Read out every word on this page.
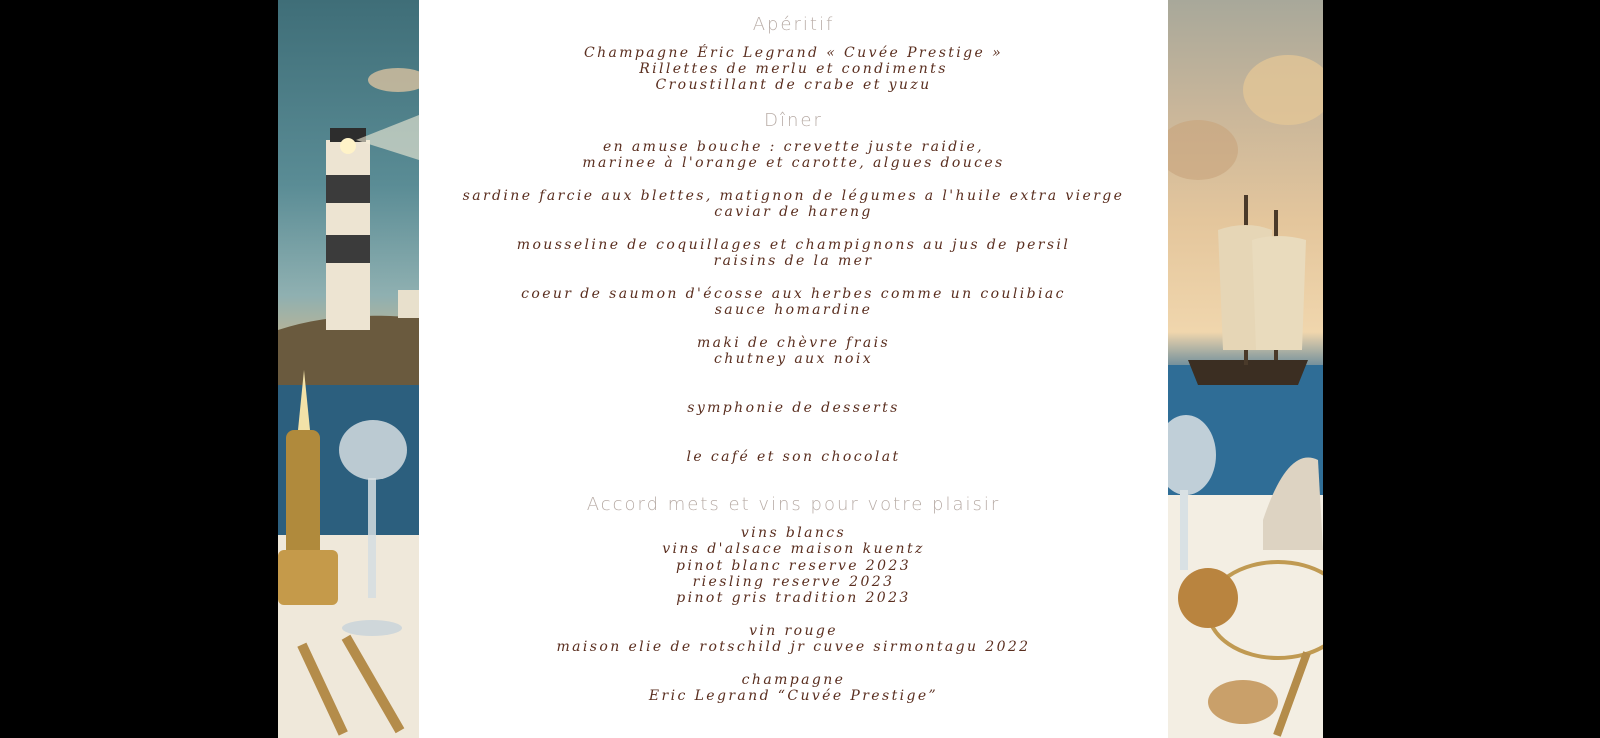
Apéritif
Champagne Éric Legrand « Cuvée Prestige »
Rillettes de merlu et condiments
Croustillant de crabe et yuzu
Dîner
en amuse bouche : crevette juste raidie,
marinee à l'orange et carotte, algues douces
sardine farcie aux blettes, matignon de légumes a l'huile extra vierge
caviar de hareng
mousseline de coquillages et champignons au jus de persil
raisins de la mer
coeur de saumon d'écosse aux herbes comme un coulibiac
sauce homardine
maki de chèvre frais
chutney aux noix
symphonie de desserts
le café et son chocolat
Accord mets et vins pour votre plaisir
vins blancs
vins d'alsace maison kuentz
pinot blanc reserve 2023
riesling reserve 2023
pinot gris tradition 2023
vin rouge
maison elie de rotschild jr cuvee sirmontagu 2022
champagne
Eric Legrand “Cuvée Prestige”
